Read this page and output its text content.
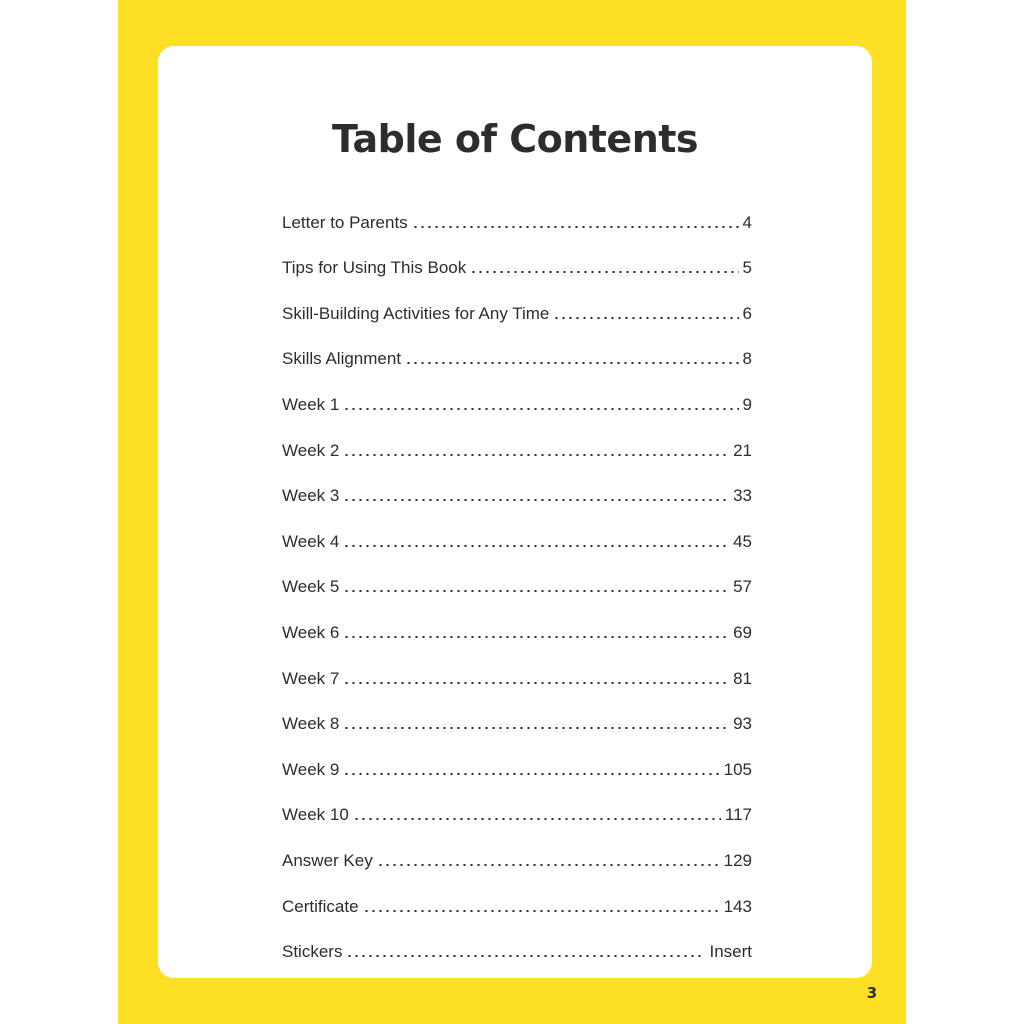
Table of Contents
Letter to Parents	4
Tips for Using This Book	5
Skill-Building Activities for Any Time	6
Skills Alignment	8
Week 1	9
Week 2	21
Week 3	33
Week 4	45
Week 5	57
Week 6	69
Week 7	81
Week 8	93
Week 9	105
Week 10	117
Answer Key	129
Certificate	143
Stickers	Insert
3
